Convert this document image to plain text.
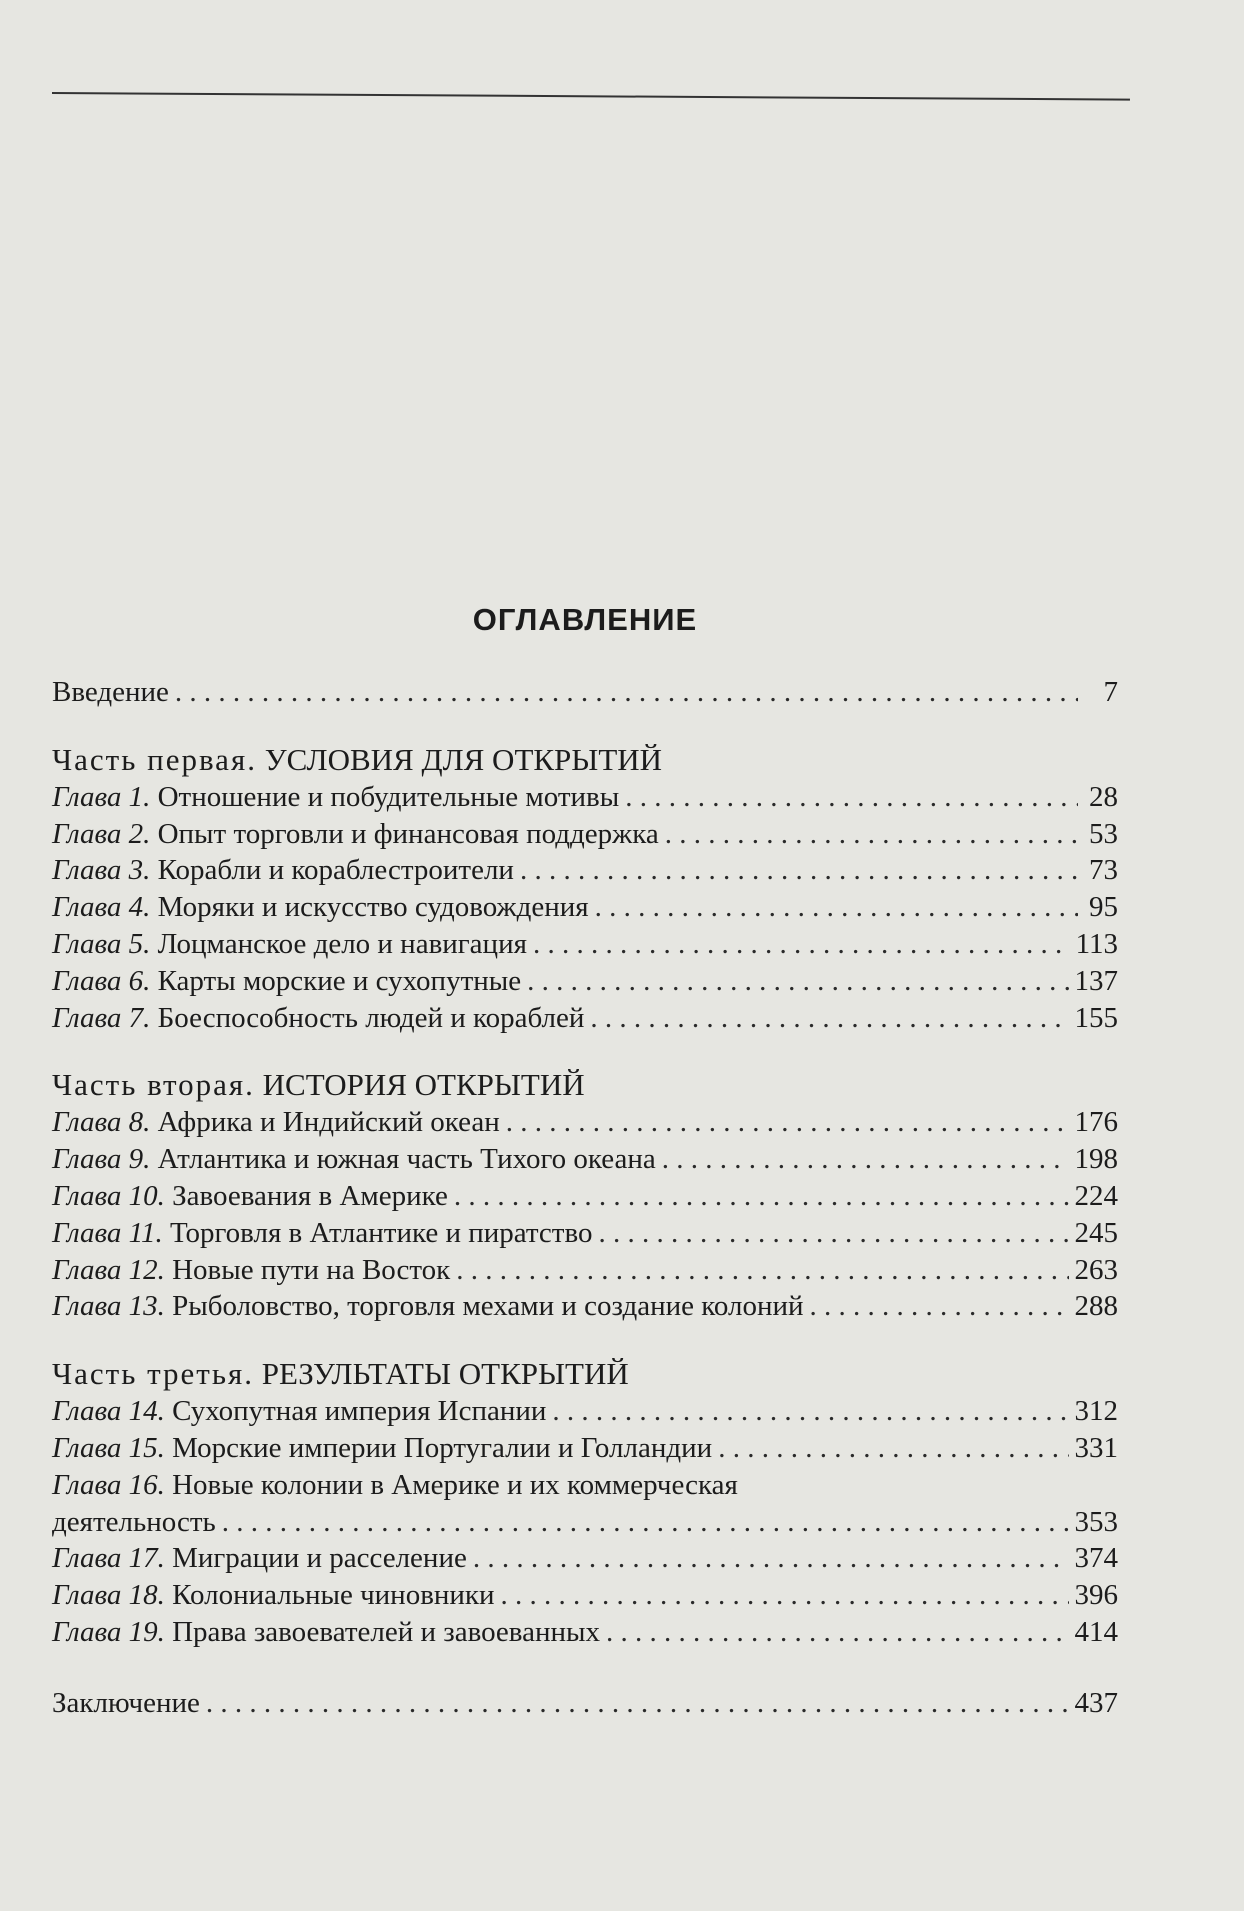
ОГЛАВЛЕНИЕ
Введение . . .	7
Часть первая. УСЛОВИЯ ДЛЯ ОТКРЫТИЙ
Глава 1. Отношение и побудительные мотивы . . .	28
Глава 2. Опыт торговли и финансовая поддержка . . .	53
Глава 3. Корабли и кораблестроители . . .	73
Глава 4. Моряки и искусство судовождения . . .	95
Глава 5. Лоцманское дело и навигация . . .	113
Глава 6. Карты морские и сухопутные . . .	137
Глава 7. Боеспособность людей и кораблей . . .	155
Часть вторая. ИСТОРИЯ ОТКРЫТИЙ
Глава 8. Африка и Индийский океан . . .	176
Глава 9. Атлантика и южная часть Тихого океана . . .	198
Глава 10. Завоевания в Америке . . .	224
Глава 11. Торговля в Атлантике и пиратство . . .	245
Глава 12. Новые пути на Восток . . .	263
Глава 13. Рыболовство, торговля мехами и создание колоний . . .	288
Часть третья. РЕЗУЛЬТАТЫ ОТКРЫТИЙ
Глава 14. Сухопутная империя Испании . . .	312
Глава 15. Морские империи Португалии и Голландии . . .	331
Глава 16. Новые колонии в Америке и их коммерческая
деятельность . . .	353
Глава 17. Миграции и расселение . . .	374
Глава 18. Колониальные чиновники . . .	396
Глава 19. Права завоевателей и завоеванных . . .	414
Заключение . . .	437
